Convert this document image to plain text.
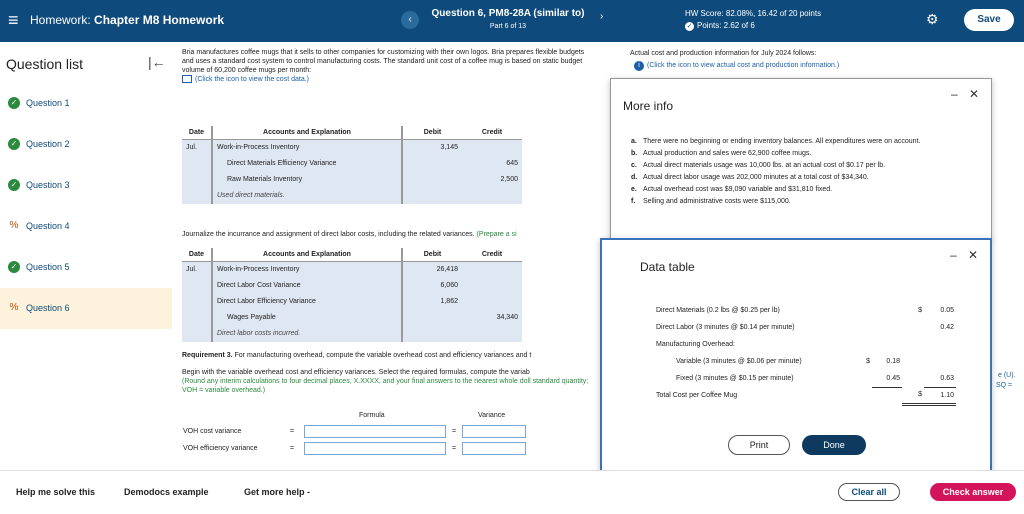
≡ Homework: Chapter M8 Homework	‹
Question 6, PM8-28A (similar to)
Part 6 of 13
›	HW Score: 82.08%, 16.42 of 20 points
✓ Points: 2.62 of 6	⚙	Save
Question list	|←
✓ Question 1
✓ Question 2
✓ Question 3
% Question 4
✓ Question 5
% Question 6
Bria manufactures coffee mugs that it sells to other companies for customizing with their own logos. Bria prepares flexible budgets and uses a standard cost system to control manufacturing costs. The standard unit cost of a coffee mug is based on static budget volume of 60,200 coffee mugs per month:
(Click the icon to view the cost data.)
Date	Accounts and Explanation	Debit	Credit
Jul.	Work-in-Process Inventory	3,145	
	Direct Materials Efficiency Variance		645
	Raw Materials Inventory		2,500
	Used direct materials.		
Journalize the incurrance and assignment of direct labor costs, including the related variances. (Prepare a si
Date	Accounts and Explanation	Debit	Credit
Jul.	Work-in-Process Inventory	26,418	
	Direct Labor Cost Variance	6,060	
	Direct Labor Efficiency Variance	1,862	
	Wages Payable		34,340
	Direct labor costs incurred.		
Requirement 3. For manufacturing overhead, compute the variable overhead cost and efficiency variances and t
Begin with the variable overhead cost and efficiency variances. Select the required formulas, compute the variab
(Round any interim calculations to four decimal places, X.XXXX, and your final answers to the nearest whole doll standard quantity; VOH = variable overhead.)
Formula	Variance
VOH cost variance	=	=
VOH efficiency variance	=	=
Actual cost and production information for July 2024 follows:
i (Click the icon to view actual cost and production information.)
e (U).
SQ =
More info
– ✕
a. There were no beginning or ending inventory balances. All expenditures were on account.
b. Actual production and sales were 62,900 coffee mugs.
c. Actual direct materials usage was 10,000 lbs. at an actual cost of $0.17 per lb.
d. Actual direct labor usage was 202,000 minutes at a total cost of $34,340.
e. Actual overhead cost was $9,090 variable and $31,810 fixed.
f. Selling and administrative costs were $115,000.
Data table
– ✕
Direct Materials (0.2 lbs @ $0.25 per lb)			$	0.05
Direct Labor (3 minutes @ $0.14 per minute)				0.42
Manufacturing Overhead:				
Variable (3 minutes @ $0.06 per minute)	$	0.18		
Fixed (3 minutes @ $0.15 per minute)		0.45		0.63
Total Cost per Coffee Mug			$	1.10
Print	Done
Help me solve this	Demodocs example	Get more help -	Clear all	Check answer
